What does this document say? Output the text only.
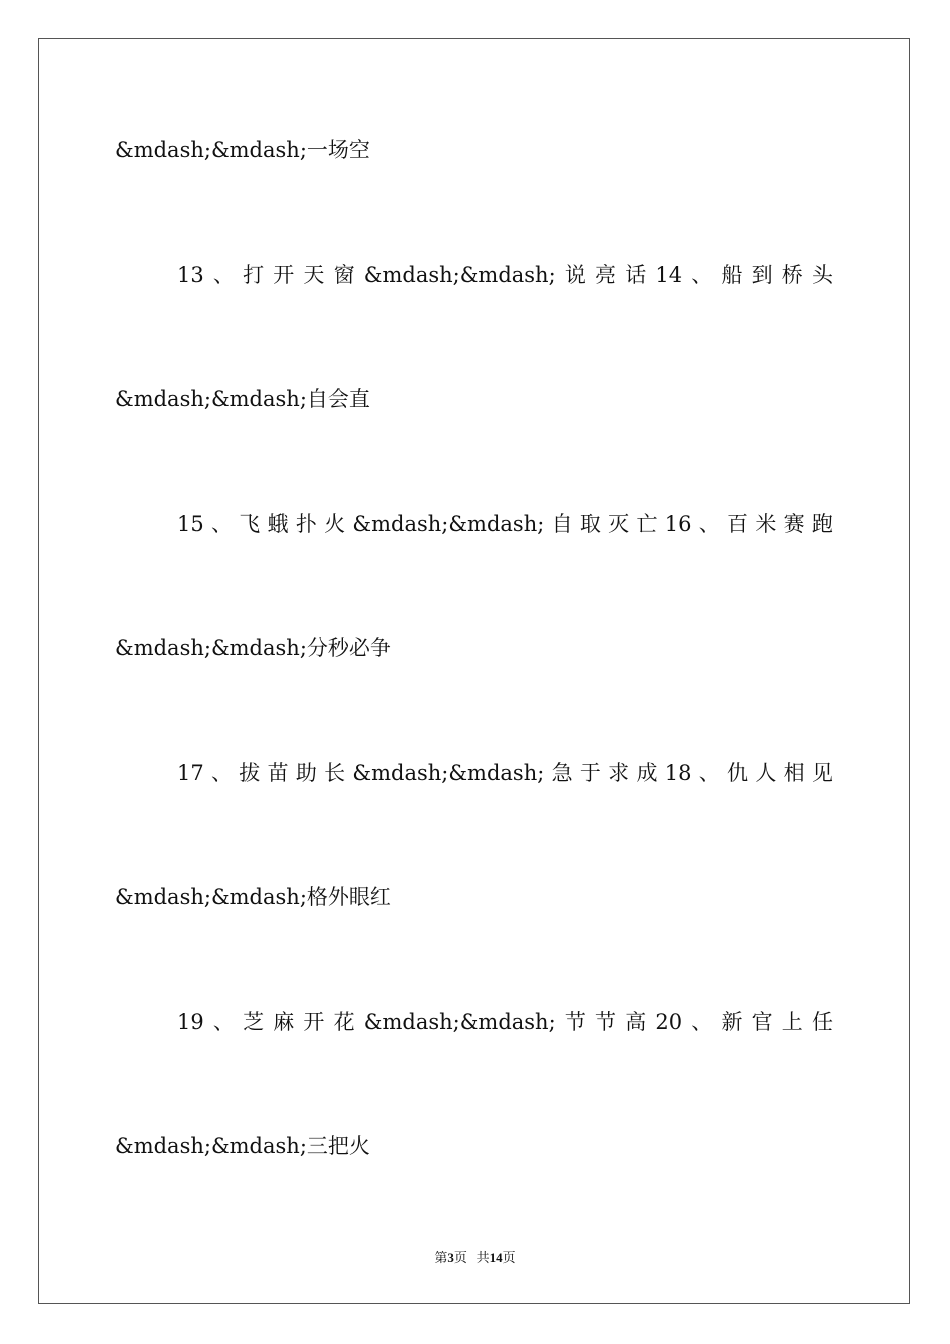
&mdash;&mdash;一场空
13 、 打 开 天 窗 &mdash;&mdash; 说 亮 话 14 、 船 到 桥 头
&mdash;&mdash;自会直
15 、 飞 蛾 扑 火 &mdash;&mdash; 自 取 灭 亡 16 、 百 米 赛 跑
&mdash;&mdash;分秒必争
17 、 拔 苗 助 长 &mdash;&mdash; 急 于 求 成 18 、 仇 人 相 见
&mdash;&mdash;格外眼红
19 、 芝 麻 开 花 &mdash;&mdash; 节 节 高 20 、 新 官 上 任
&mdash;&mdash;三把火
第3页 共14页
